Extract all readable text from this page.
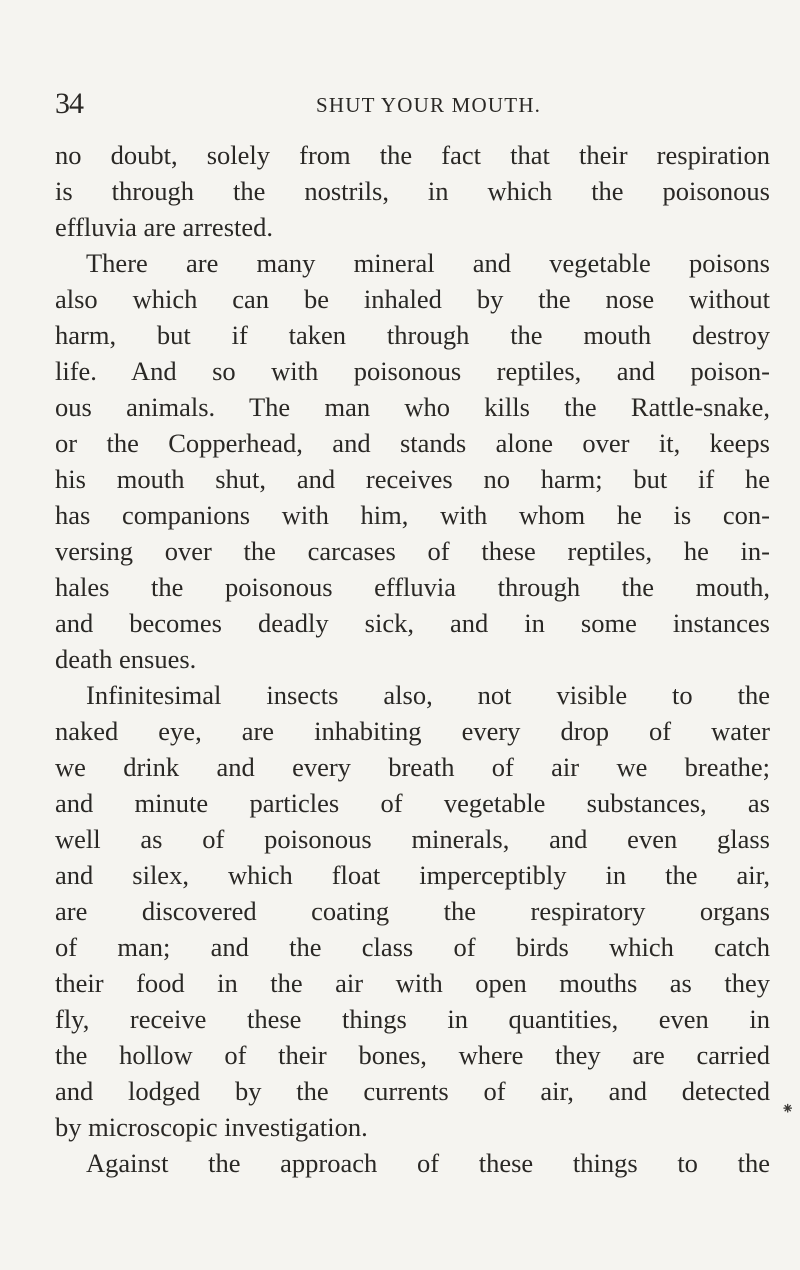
34	SHUT YOUR MOUTH.
no doubt, solely from the fact that their respiration
is through the nostrils, in which the poisonous
effluvia are arrested.
There are many mineral and vegetable poisons
also which can be inhaled by the nose without
harm, but if taken through the mouth destroy
life. And so with poisonous reptiles, and poison-
ous animals. The man who kills the Rattle-snake,
or the Copperhead, and stands alone over it, keeps
his mouth shut, and receives no harm; but if he
has companions with him, with whom he is con-
versing over the carcases of these reptiles, he in-
hales the poisonous effluvia through the mouth,
and becomes deadly sick, and in some instances
death ensues.
Infinitesimal insects also, not visible to the
naked eye, are inhabiting every drop of water
we drink and every breath of air we breathe;
and minute particles of vegetable substances, as
well as of poisonous minerals, and even glass
and silex, which float imperceptibly in the air,
are discovered coating the respiratory organs
of man; and the class of birds which catch
their food in the air with open mouths as they
fly, receive these things in quantities, even in
the hollow of their bones, where they are carried
and lodged by the currents of air, and detected
by microscopic investigation.
Against the approach of these things to the
⁕
